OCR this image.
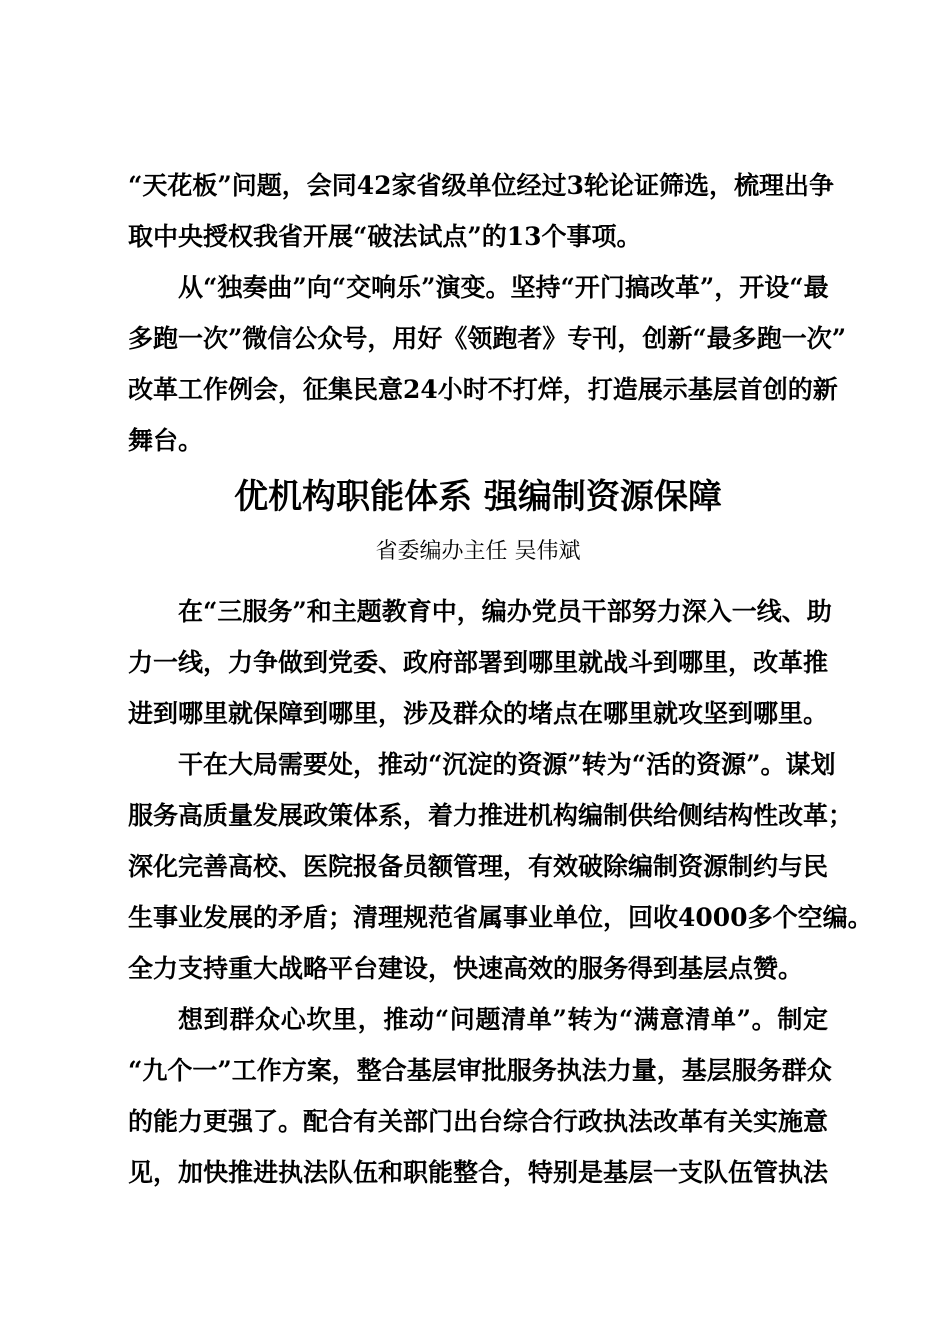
“天花板”问题，会同42家省级单位经过3轮论证筛选，梳理出争
取中央授权我省开展“破法试点”的13个事项。
从“独奏曲”向“交响乐”演变。坚持“开门搞改革”，开设“最
多跑一次”微信公众号，用好《领跑者》专刊，创新“最多跑一次”
改革工作例会，征集民意24小时不打烊，打造展示基层首创的新
舞台。
优机构职能体系 强编制资源保障
省委编办主任 吴伟斌
在“三服务”和主题教育中，编办党员干部努力深入一线、助
力一线，力争做到党委、政府部署到哪里就战斗到哪里，改革推
进到哪里就保障到哪里，涉及群众的堵点在哪里就攻坚到哪里。
干在大局需要处，推动“沉淀的资源”转为“活的资源”。谋划
服务高质量发展政策体系，着力推进机构编制供给侧结构性改革；
深化完善高校、医院报备员额管理，有效破除编制资源制约与民
生事业发展的矛盾；清理规范省属事业单位，回收4000多个空编。
全力支持重大战略平台建设，快速高效的服务得到基层点赞。
想到群众心坎里，推动“问题清单”转为“满意清单”。制定
“九个一”工作方案，整合基层审批服务执法力量，基层服务群众
的能力更强了。配合有关部门出台综合行政执法改革有关实施意
见，加快推进执法队伍和职能整合，特别是基层一支队伍管执法
